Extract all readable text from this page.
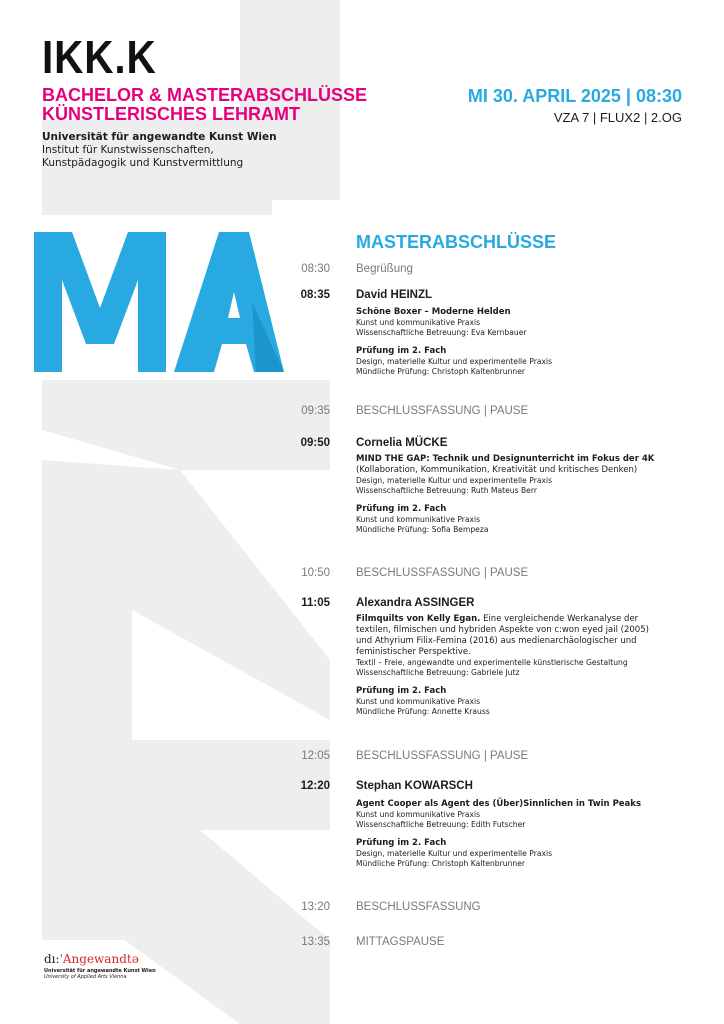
IKK.K
BACHELOR & MASTERABSCHLÜSSE
KÜNSTLERISCHES LEHRAMT
Universität für angewandte Kunst Wien
Institut für Kunstwissenschaften,
Kunstpädagogik und Kunstvermittlung
MI 30. APRIL 2025 | 08:30
VZA 7 | FLUX2 | 2.OG
MASTERABSCHLÜSSE
08:30 Begrüßung
08:35 David HEINZL
Schöne Boxer – Moderne Helden
Kunst und kommunikative Praxis
Wissenschaftliche Betreuung: Eva Kernbauer
Prüfung im 2. Fach
Design, materielle Kultur und experimentelle Praxis
Mündliche Prüfung: Christoph Kaltenbrunner
09:35 BESCHLUSSFASSUNG | PAUSE
09:50 Cornelia MÜCKE
MIND THE GAP: Technik und Designunterricht im Fokus der 4K
(Kollaboration, Kommunikation, Kreativität und kritisches Denken)
Design, materielle Kultur und experimentelle Praxis
Wissenschaftliche Betreuung: Ruth Mateus Berr
Prüfung im 2. Fach
Kunst und kommunikative Praxis
Mündliche Prüfung: Sofia Bempeza
10:50 BESCHLUSSFASSUNG | PAUSE
11:05 Alexandra ASSINGER
Filmquilts von Kelly Egan. Eine vergleichende Werkanalyse der textilen, filmischen und hybriden Aspekte von c:won eyed jail (2005) und Athyrium Filix-Femina (2016) aus medienarchäologischer und feministischer Perspektive.
Textil – Freie, angewandte und experimentelle künstlerische Gestaltung
Wissenschaftliche Betreuung: Gabriele Jutz
Prüfung im 2. Fach
Kunst und kommunikative Praxis
Mündliche Prüfung: Annette Krauss
12:05 BESCHLUSSFASSUNG | PAUSE
12:20 Stephan KOWARSCH
Agent Cooper als Agent des (Über)Sinnlichen in Twin Peaks
Kunst und kommunikative Praxis
Wissenschaftliche Betreuung: Edith Futscher
Prüfung im 2. Fach
Design, materielle Kultur und experimentelle Praxis
Mündliche Prüfung: Christoph Kaltenbrunner
13:20 BESCHLUSSFASSUNG
13:35 MITTAGSPAUSE
dı:'Angewandtə
Universität für angewandte Kunst Wien
University of Applied Arts Vienna
